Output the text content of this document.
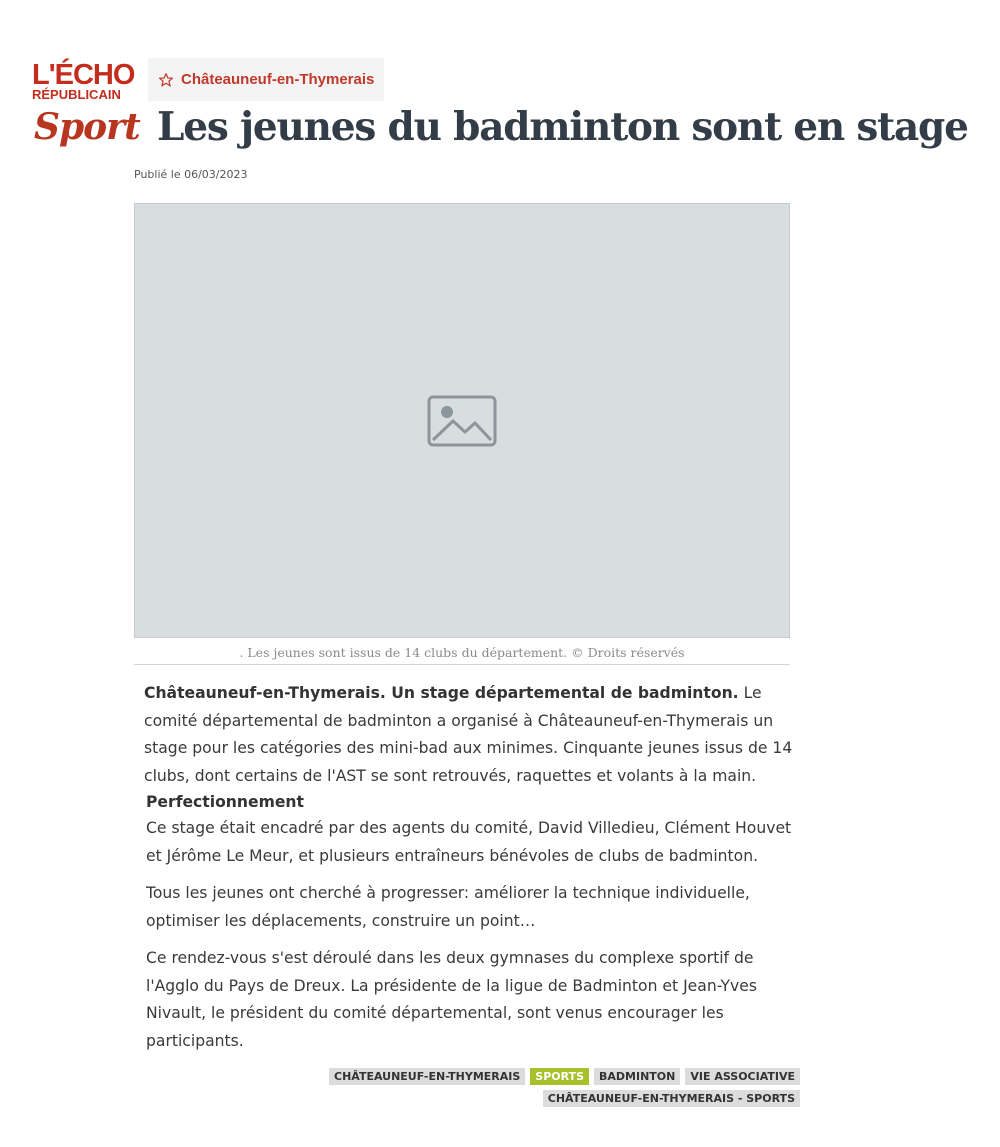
L'ÉCHO
RÉPUBLICAIN
Châteauneuf-en-Thymerais
Sport Les jeunes du badminton sont en stage
Publié le 06/03/2023
. Les jeunes sont issus de 14 clubs du département. © Droits réservés

Châteauneuf-en-Thymerais. Un stage départemental de badminton. Le comité départemental de badminton a organisé à Châteauneuf-en-Thymerais un stage pour les catégories des mini-bad aux minimes. Cinquante jeunes issus de 14 clubs, dont certains de l'AST se sont retrouvés, raquettes et volants à la main.

Perfectionnement

Ce stage était encadré par des agents du comité, David Villedieu, Clément Houvet et Jérôme Le Meur, et plusieurs entraîneurs bénévoles de clubs de badminton.

Tous les jeunes ont cherché à progresser: améliorer la technique individuelle, optimiser les déplacements, construire un point…

Ce rendez-vous s'est déroulé dans les deux gymnases du complexe sportif de l'Agglo du Pays de Dreux. La présidente de la ligue de Badminton et Jean-Yves Nivault, le président du comité départemental, sont venus encourager les participants.

CHÂTEAUNEUF-EN-THYMERAIS	SPORTS	BADMINTON	VIE ASSOCIATIVE
CHÂTEAUNEUF-EN-THYMERAIS - SPORTS
